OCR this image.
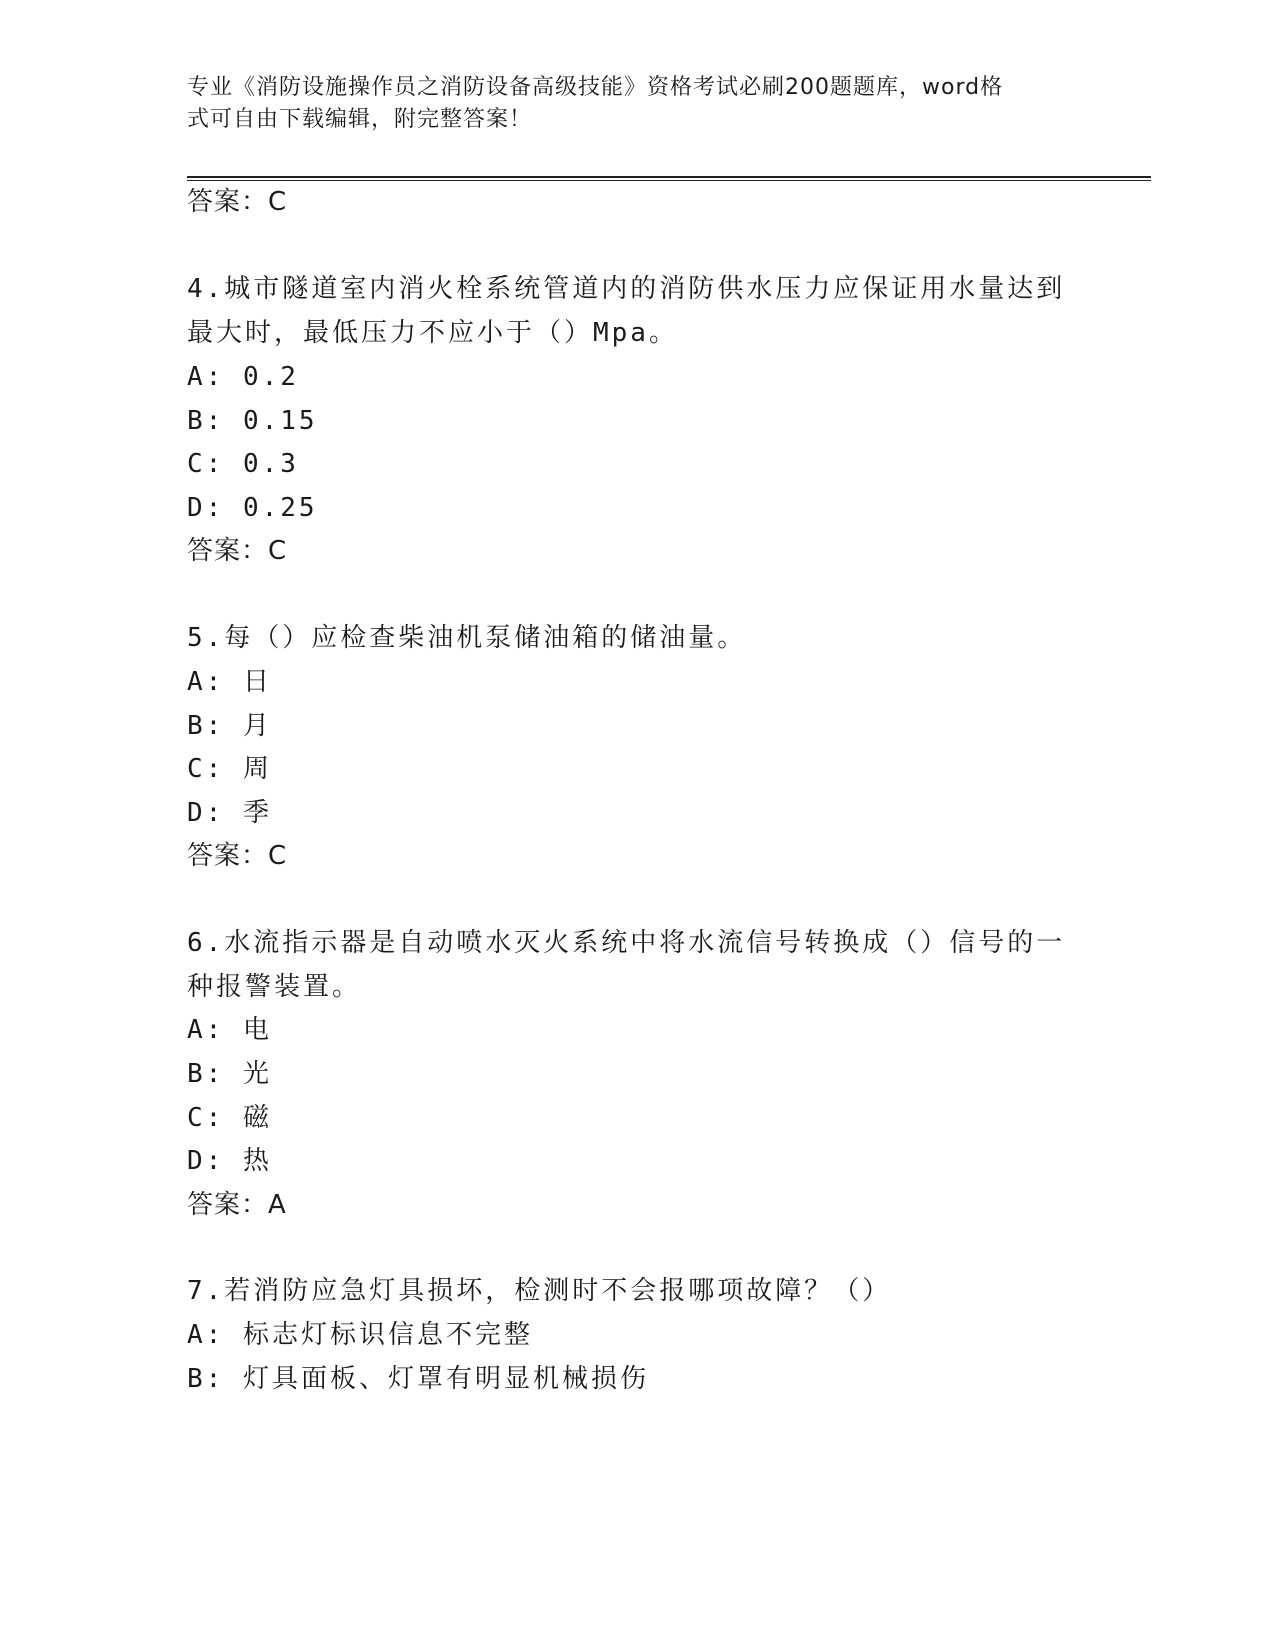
专业《消防设施操作员之消防设备高级技能》资格考试必刷200题题库，word格
式可自由下载编辑，附完整答案！
答案：C
4.城市隧道室内消火栓系统管道内的消防供水压力应保证用水量达到
最大时，最低压力不应小于（）Mpa。
A: 0.2
B: 0.15
C: 0.3
D: 0.25
答案：C
5.每（）应检查柴油机泵储油箱的储油量。
A: 日
B: 月
C: 周
D: 季
答案：C
6.水流指示器是自动喷水灭火系统中将水流信号转换成（）信号的一
种报警装置。
A: 电
B: 光
C: 磁
D: 热
答案：A
7.若消防应急灯具损坏，检测时不会报哪项故障？（）
A: 标志灯标识信息不完整
B: 灯具面板、灯罩有明显机械损伤
